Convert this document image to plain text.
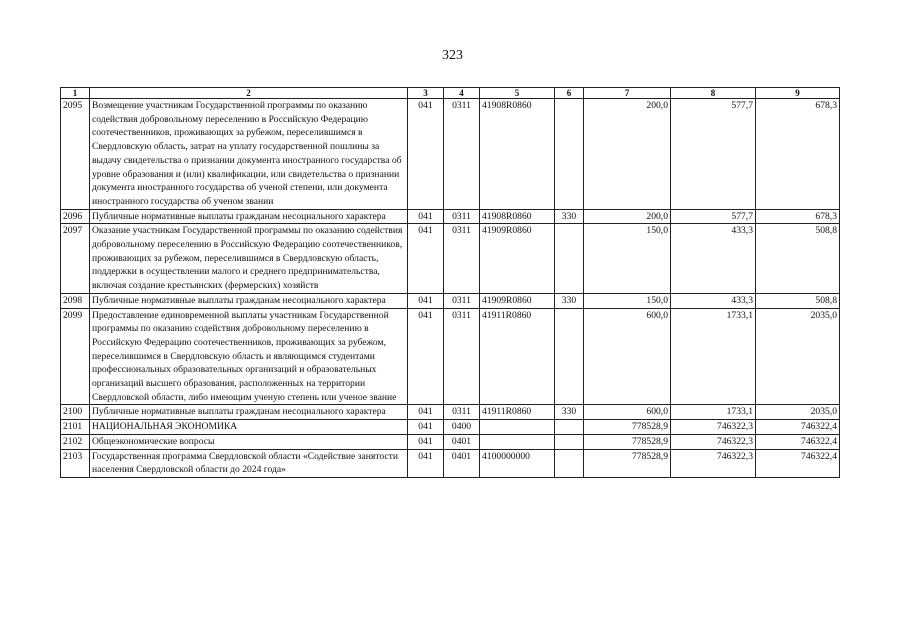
323
1	2	3	4	5	6	7	8	9
2095	Возмещение участникам Государственной программы по оказанию содействия добровольному переселению в Российскую Федерацию соотечественников, проживающих за рубежом, переселившимся в Свердловскую область, затрат на уплату государственной пошлины за выдачу свидетельства о признании документа иностранного государства об уровне образования и (или) квалификации, или свидетельства о признании документа иностранного государства об ученой степени, или документа иностранного государства об ученом звании	041	0311	41908R0860		200,0	577,7	678,3
2096	Публичные нормативные выплаты гражданам несоциального характера	041	0311	41908R0860	330	200,0	577,7	678,3
2097	Оказание участникам Государственной программы по оказанию содействия добровольному переселению в Российскую Федерацию соотечественников, проживающих за рубежом, переселившимся в Свердловскую область, поддержки в осуществлении малого и среднего предпринимательства, включая создание крестьянских (фермерских) хозяйств	041	0311	41909R0860		150,0	433,3	508,8
2098	Публичные нормативные выплаты гражданам несоциального характера	041	0311	41909R0860	330	150,0	433,3	508,8
2099	Предоставление единовременной выплаты участникам Государственной программы по оказанию содействия добровольному переселению в Российскую Федерацию соотечественников, проживающих за рубежом, переселившимся в Свердловскую область и являющимся студентами профессиональных образовательных организаций и образовательных организаций высшего образования, расположенных на территории Свердловской области, либо имеющим ученую степень или ученое звание	041	0311	41911R0860		600,0	1733,1	2035,0
2100	Публичные нормативные выплаты гражданам несоциального характера	041	0311	41911R0860	330	600,0	1733,1	2035,0
2101	НАЦИОНАЛЬНАЯ ЭКОНОМИКА	041	0400			778528,9	746322,3	746322,4
2102	Общеэкономические вопросы	041	0401			778528,9	746322,3	746322,4
2103	Государственная программа Свердловской области «Содействие занятости населения Свердловской области до 2024 года»	041	0401	4100000000		778528,9	746322,3	746322,4
